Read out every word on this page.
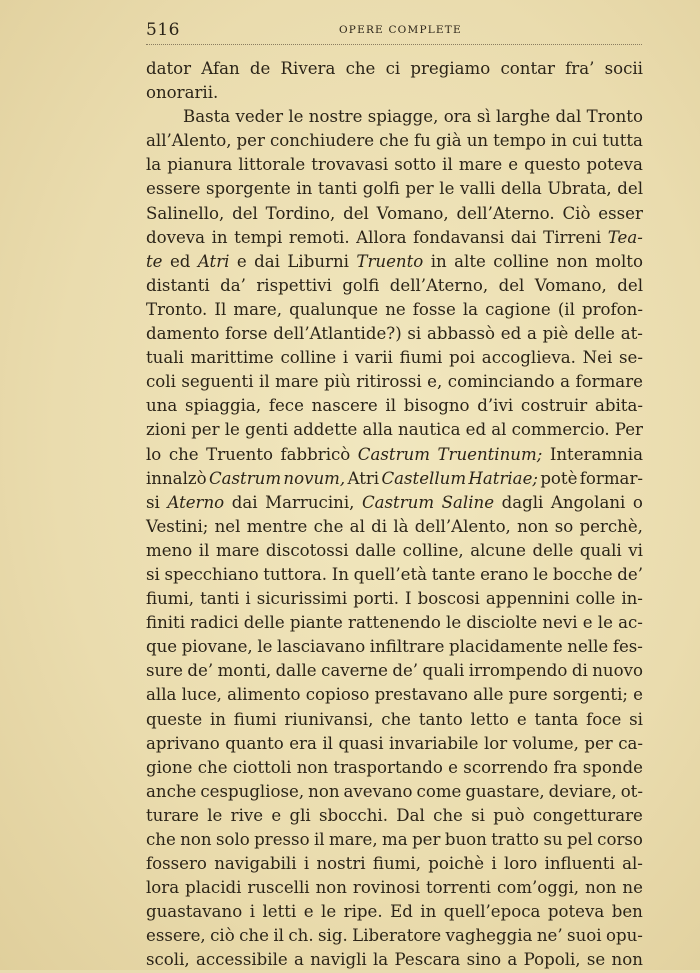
516	OPERE COMPLETE
dator Afan de Rivera che ci pregiamo contar fra’ socii
onorarii.
Basta veder le nostre spiagge, ora sì larghe dal Tronto
all’Alento, per conchiudere che fu già un tempo in cui tutta
la pianura littorale trovavasi sotto il mare e questo poteva
essere sporgente in tanti golfi per le valli della Ubrata, del
Salinello, del Tordino, del Vomano, dell’Aterno. Ciò esser
doveva in tempi remoti. Allora fondavansi dai Tirreni Tea-
te ed Atri e dai Liburni Truento in alte colline non molto
distanti da’ rispettivi golfi dell’Aterno, del Vomano, del
Tronto. Il mare, qualunque ne fosse la cagione (il profon-
damento forse dell’Atlantide?) si abbassò ed a piè delle at-
tuali marittime colline i varii fiumi poi accoglieva. Nei se-
coli seguenti il mare più ritirossi e, cominciando a formare
una spiaggia, fece nascere il bisogno d’ivi costruir abita-
zioni per le genti addette alla nautica ed al commercio. Per
lo che Truento fabbricò Castrum Truentinum; Interamnia
innalzò Castrum novum, Atri Castellum Hatriae; potè formar-
si Aterno dai Marrucini, Castrum Saline dagli Angolani o
Vestini; nel mentre che al di là dell’Alento, non so perchè,
meno il mare discotossi dalle colline, alcune delle quali vi
si specchiano tuttora. In quell’età tante erano le bocche de’
fiumi, tanti i sicurissimi porti. I boscosi appennini colle in-
finiti radici delle piante rattenendo le disciolte nevi e le ac-
que piovane, le lasciavano infiltrare placidamente nelle fes-
sure de’ monti, dalle caverne de’ quali irrompendo di nuovo
alla luce, alimento copioso prestavano alle pure sorgenti; e
queste in fiumi riunivansi, che tanto letto e tanta foce si
aprivano quanto era il quasi invariabile lor volume, per ca-
gione che ciottoli non trasportando e scorrendo fra sponde
anche cespugliose, non avevano come guastare, deviare, ot-
turare le rive e gli sbocchi. Dal che si può congetturare
che non solo presso il mare, ma per buon tratto su pel corso
fossero navigabili i nostri fiumi, poichè i loro influenti al-
lora placidi ruscelli non rovinosi torrenti com’oggi, non ne
guastavano i letti e le ripe. Ed in quell’epoca poteva ben
essere, ciò che il ch. sig. Liberatore vagheggia ne’ suoi opu-
scoli, accessibile a navigli la Pescara sino a Popoli, se non
